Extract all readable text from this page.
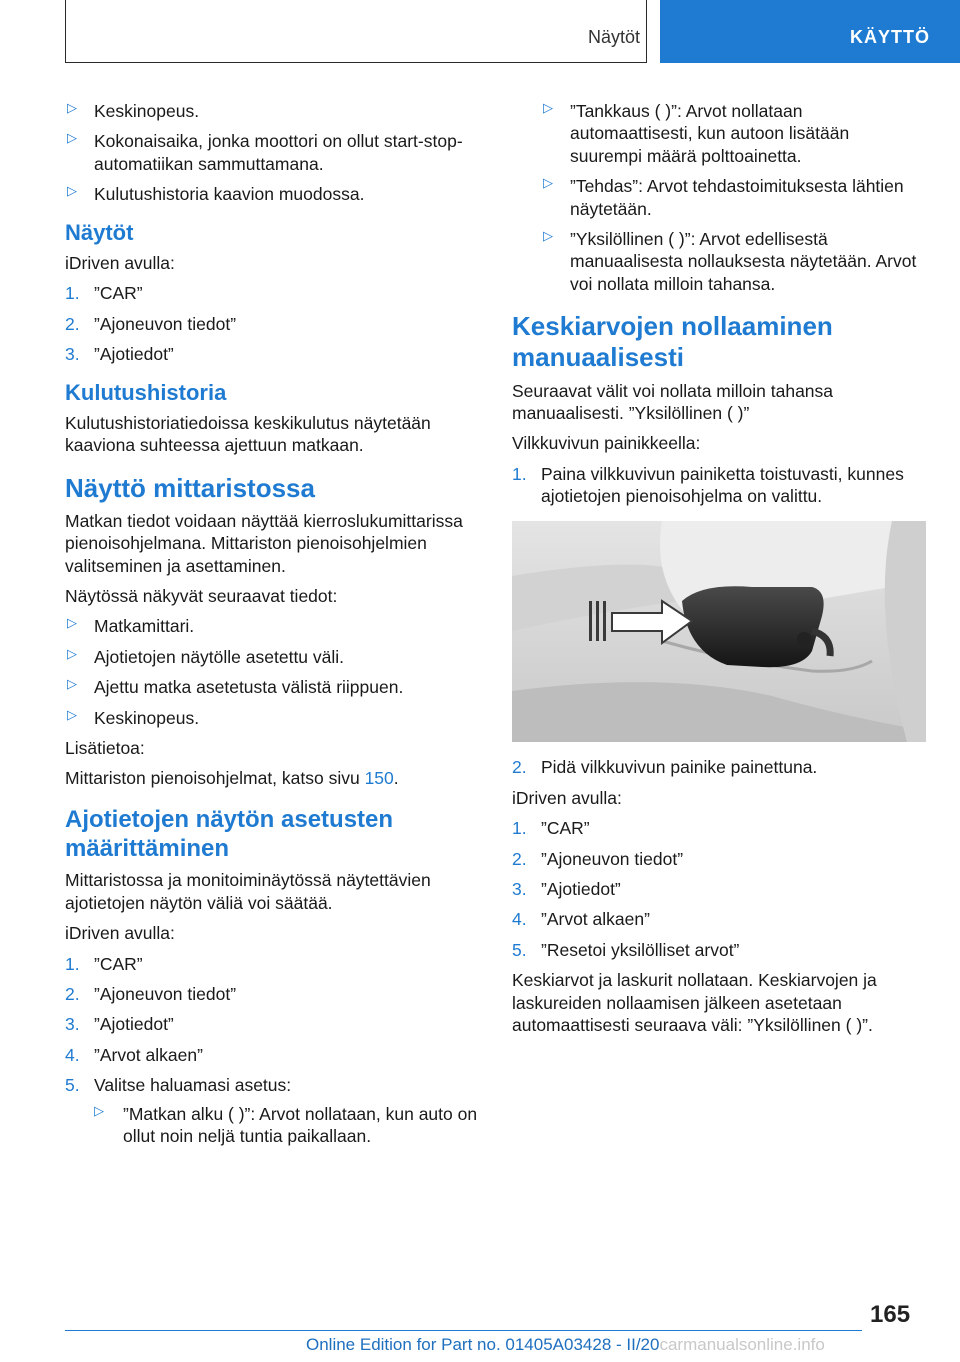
Näytöt	KÄYTTÖ
▷ Keskinopeus.
▷ Kokonaisaika, jonka moottori on ollut start-stop-automatiikan sammuttamana.
▷ Kulutushistoria kaavion muodossa.
Näytöt

iDriven avulla:

1. ”CAR”
2. ”Ajoneuvon tiedot”
3. ”Ajotiedot”
Kulutushistoria

Kulutushistoriatiedoissa keskikulutus näytetään kaaviona suhteessa ajettuun matkaan.

Näyttö mittaristossa

Matkan tiedot voidaan näyttää kierroslukumittarissa pienoisohjelmana. Mittariston pienoisohjelmien valitseminen ja asettaminen.

Näytössä näkyvät seuraavat tiedot:

▷ Matkamittari.
▷ Ajotietojen näytölle asetettu väli.
▷ Ajettu matka asetetusta välistä riippuen.
▷ Keskinopeus.

Lisätietoa:

Mittariston pienoisohjelmat, katso sivu 150.

Ajotietojen näytön asetusten määrittäminen

Mittaristossa ja monitoiminäytössä näytettävien ajotietojen näytön väliä voi säätää.

iDriven avulla:

1. ”CAR”
2. ”Ajoneuvon tiedot”
3. ”Ajotiedot”
4. ”Arvot alkaen”
5. Valitse haluamasi asetus:
▷	”Matkan alku ( )”: Arvot nollataan, kun auto on ollut noin neljä tuntia paikallaan.
▷ ”Tankkaus ( )”: Arvot nollataan automaattisesti, kun autoon lisätään suurempi määrä polttoainetta.
▷ ”Tehdas”: Arvot tehdastoimituksesta lähtien näytetään.
▷ ”Yksilöllinen ( )”: Arvot edellisestä manuaalisesta nollauksesta näytetään. Arvot voi nollata milloin tahansa.
Keskiarvojen nollaaminen manuaalisesti

Seuraavat välit voi nollata milloin tahansa manuaalisesti. ”Yksilöllinen ( )”

Vilkkuvivun painikkeella:

1. Paina vilkkuvivun painiketta toistuvasti, kunnes ajotietojen pienoisohjelma on valittu.
2. Pidä vilkkuvivun painike painettuna.

iDriven avulla:

1. ”CAR”
2. ”Ajoneuvon tiedot”
3. ”Ajotiedot”
4. ”Arvot alkaen”
5. ”Resetoi yksilölliset arvot”

Keskiarvot ja laskurit nollataan. Keskiarvojen ja laskureiden nollaamisen jälkeen asetetaan automaattisesti seuraava väli: ”Yksilöllinen ( )”.

165
Online Edition for Part no. 01405A03428 - II/20carmanualsonline.info
